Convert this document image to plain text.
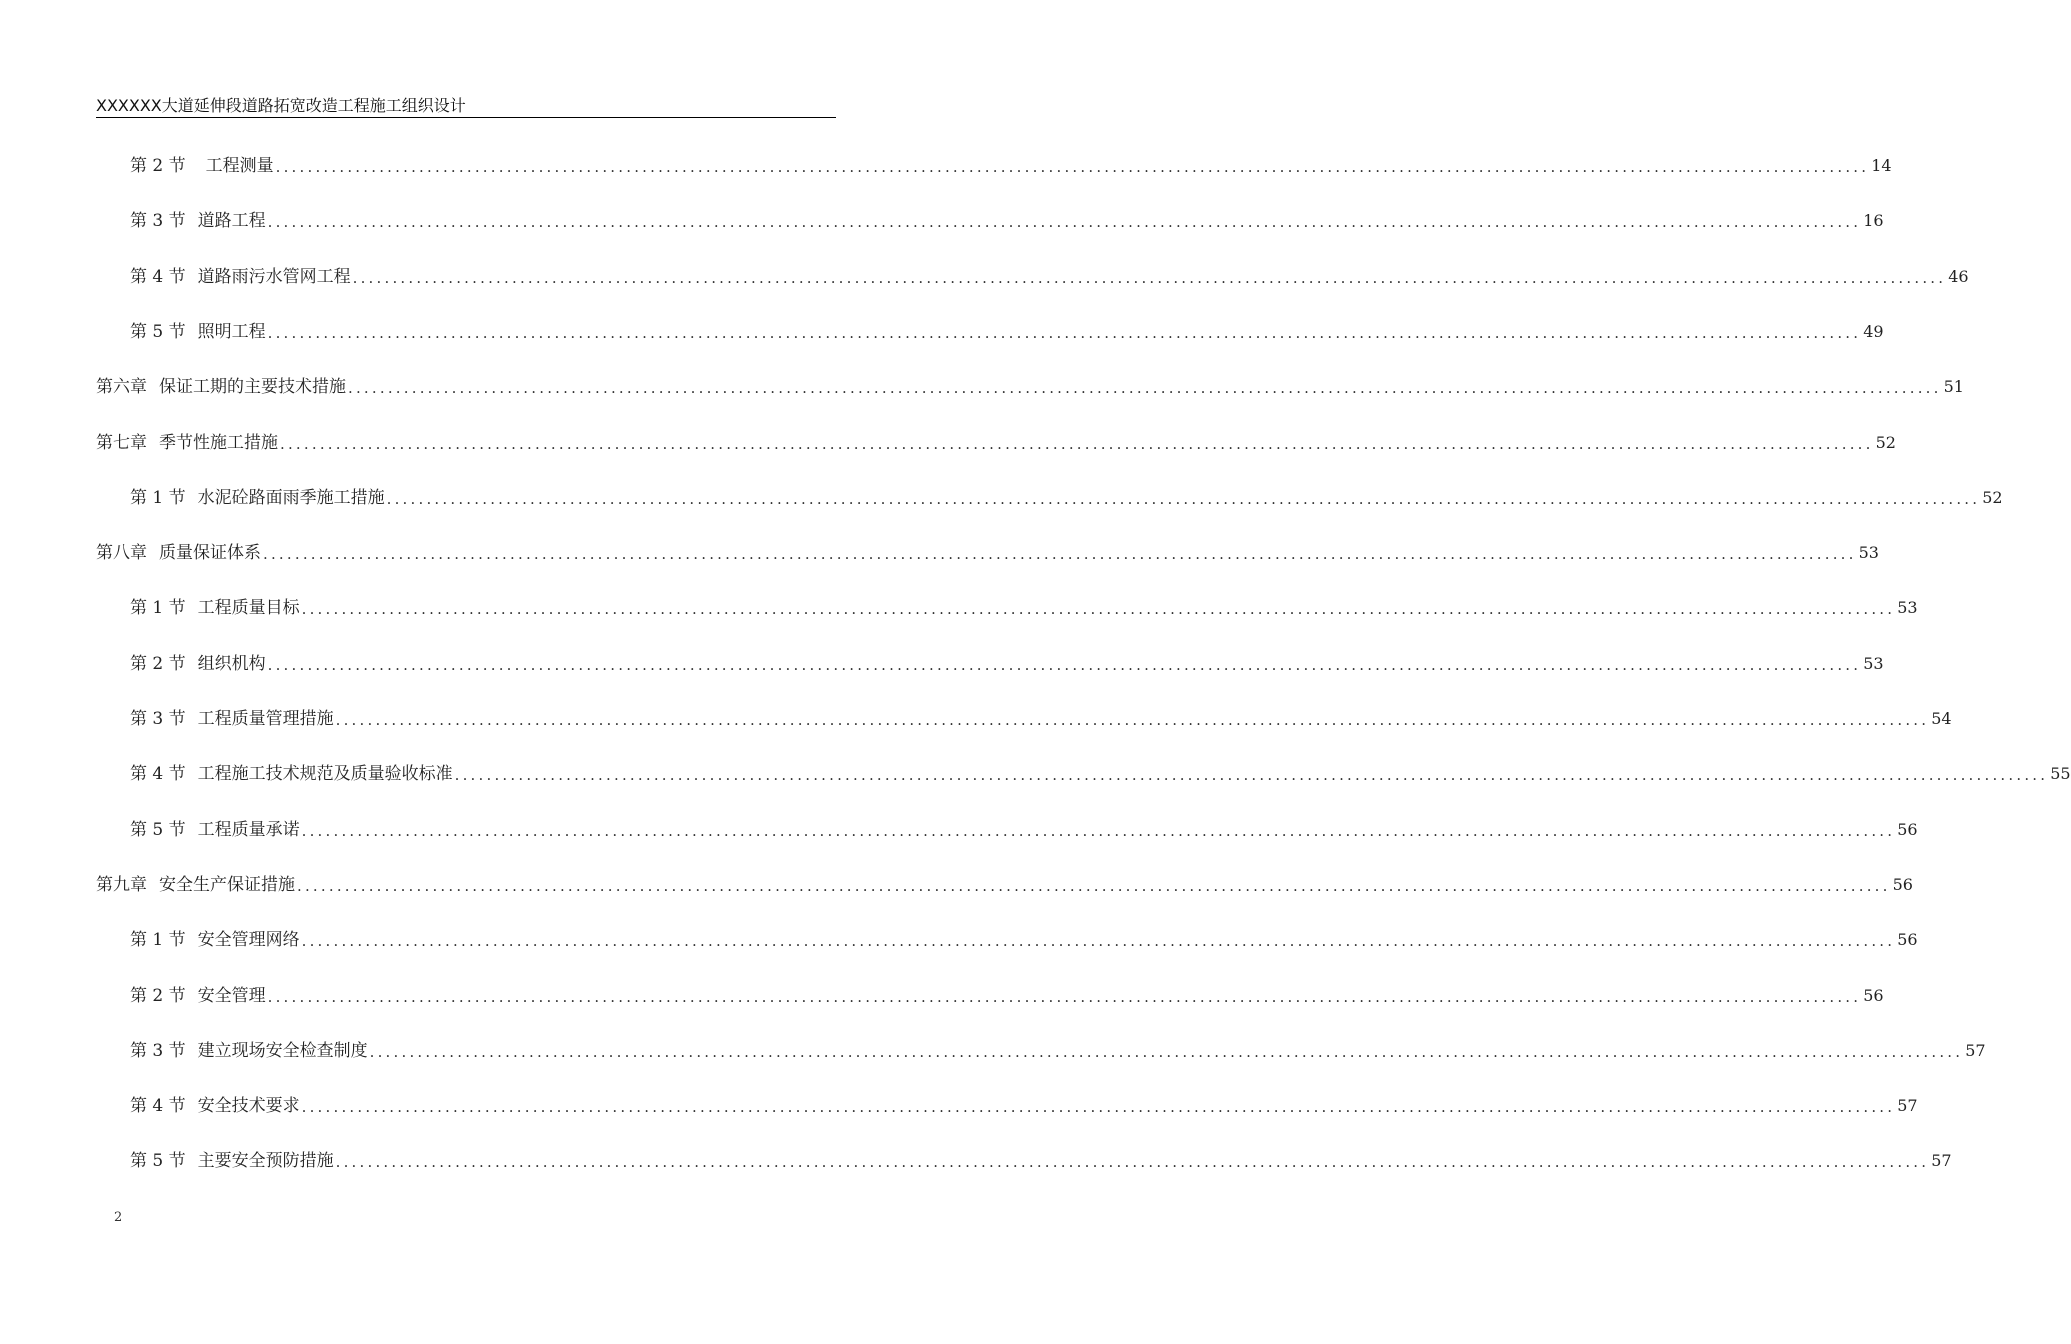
XXXXXX大道延伸段道路拓宽改造工程施工组织设计
第 2 节 工程测量 ........................................................................................................................................................................................................ 14
第 3 节 道路工程 ........................................................................................................................................................................................................ 16
第 4 节 道路雨污水管网工程 ........................................................................................................................................................................................................ 46
第 5 节 照明工程 ........................................................................................................................................................................................................ 49
第六章 保证工期的主要技术措施 ........................................................................................................................................................................................................ 51
第七章 季节性施工措施 ........................................................................................................................................................................................................ 52
第 1 节 水泥砼路面雨季施工措施 ........................................................................................................................................................................................................ 52
第八章 质量保证体系 ........................................................................................................................................................................................................ 53
第 1 节 工程质量目标 ........................................................................................................................................................................................................ 53
第 2 节 组织机构 ........................................................................................................................................................................................................ 53
第 3 节 工程质量管理措施 ........................................................................................................................................................................................................ 54
第 4 节 工程施工技术规范及质量验收标准 ........................................................................................................................................................................................................ 55
第 5 节 工程质量承诺 ........................................................................................................................................................................................................ 56
第九章 安全生产保证措施 ........................................................................................................................................................................................................ 56
第 1 节 安全管理网络 ........................................................................................................................................................................................................ 56
第 2 节 安全管理 ........................................................................................................................................................................................................ 56
第 3 节 建立现场安全检查制度 ........................................................................................................................................................................................................ 57
第 4 节 安全技术要求 ........................................................................................................................................................................................................ 57
第 5 节 主要安全预防措施 ........................................................................................................................................................................................................ 57
2
